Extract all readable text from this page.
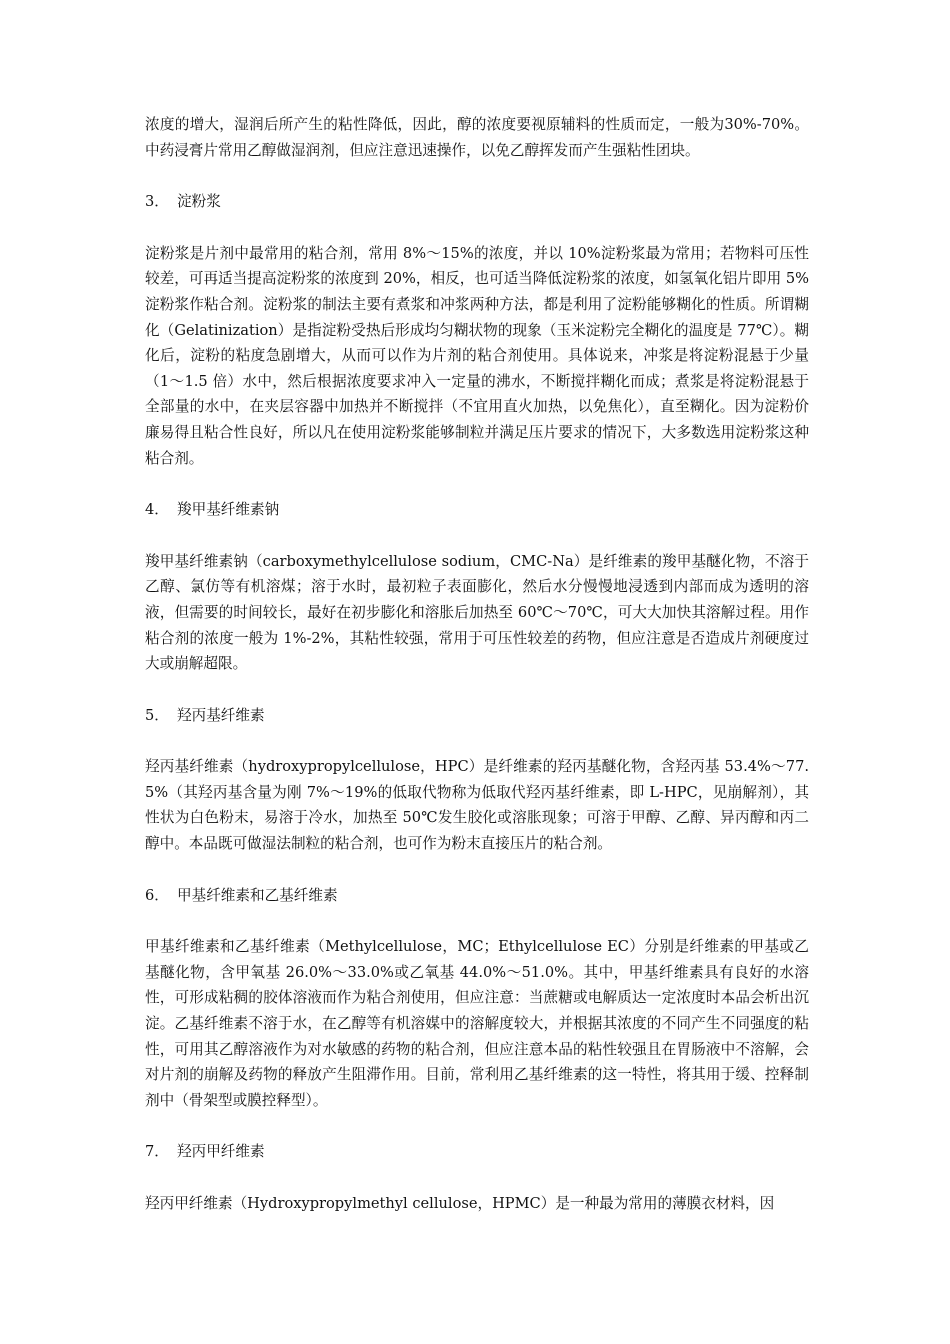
浓度的增大，湿润后所产生的粘性降低，因此，醇的浓度要视原辅料的性质而定，一般为30%-70%。中药浸膏片常用乙醇做湿润剂，但应注意迅速操作，以免乙醇挥发而产生强粘性团块。

3． 淀粉浆

淀粉浆是片剂中最常用的粘合剂，常用 8%～15%的浓度，并以 10%淀粉浆最为常用；若物料可压性较差，可再适当提高淀粉浆的浓度到 20%，相反，也可适当降低淀粉浆的浓度，如氢氧化铝片即用 5%淀粉浆作粘合剂。淀粉浆的制法主要有煮浆和冲浆两种方法，都是利用了淀粉能够糊化的性质。所谓糊化（Gelatinization）是指淀粉受热后形成均匀糊状物的现象（玉米淀粉完全糊化的温度是 77℃）。糊化后，淀粉的粘度急剧增大，从而可以作为片剂的粘合剂使用。具体说来，冲浆是将淀粉混悬于少量（1～1.5 倍）水中，然后根据浓度要求冲入一定量的沸水，不断搅拌糊化而成；煮浆是将淀粉混悬于全部量的水中，在夹层容器中加热并不断搅拌（不宜用直火加热，以免焦化），直至糊化。因为淀粉价廉易得且粘合性良好，所以凡在使用淀粉浆能够制粒并满足压片要求的情况下，大多数选用淀粉浆这种粘合剂。

4． 羧甲基纤维素钠

羧甲基纤维素钠（carboxymethylcellulose sodium，CMC-Na）是纤维素的羧甲基醚化物，不溶于乙醇、氯仿等有机溶煤；溶于水时，最初粒子表面膨化，然后水分慢慢地浸透到内部而成为透明的溶液，但需要的时间较长，最好在初步膨化和溶胀后加热至 60℃～70℃，可大大加快其溶解过程。用作粘合剂的浓度一般为 1%-2%，其粘性较强，常用于可压性较差的药物，但应注意是否造成片剂硬度过大或崩解超限。

5． 羟丙基纤维素

羟丙基纤维素（hydroxypropylcellulose，HPC）是纤维素的羟丙基醚化物，含羟丙基 53.4%～77.5%（其羟丙基含量为刚 7%～19%的低取代物称为低取代羟丙基纤维素，即 L-HPC，见崩解剂），其性状为白色粉末，易溶于冷水，加热至 50℃发生胶化或溶胀现象；可溶于甲醇、乙醇、异丙醇和丙二醇中。本品既可做湿法制粒的粘合剂，也可作为粉末直接压片的粘合剂。

6． 甲基纤维素和乙基纤维素

甲基纤维素和乙基纤维素（Methylcellulose，MC；Ethylcellulose EC）分别是纤维素的甲基或乙基醚化物，含甲氧基 26.0%～33.0%或乙氧基 44.0%～51.0%。其中，甲基纤维素具有良好的水溶性，可形成粘稠的胶体溶液而作为粘合剂使用，但应注意：当蔗糖或电解质达一定浓度时本品会析出沉淀。乙基纤维素不溶于水，在乙醇等有机溶媒中的溶解度较大，并根据其浓度的不同产生不同强度的粘性，可用其乙醇溶液作为对水敏感的药物的粘合剂，但应注意本品的粘性较强且在胃肠液中不溶解，会对片剂的崩解及药物的释放产生阻滞作用。目前，常利用乙基纤维素的这一特性，将其用于缓、控释制剂中（骨架型或膜控释型）。

7． 羟丙甲纤维素

羟丙甲纤维素（Hydroxypropylmethyl cellulose，HPMC）是一种最为常用的薄膜衣材料，因
